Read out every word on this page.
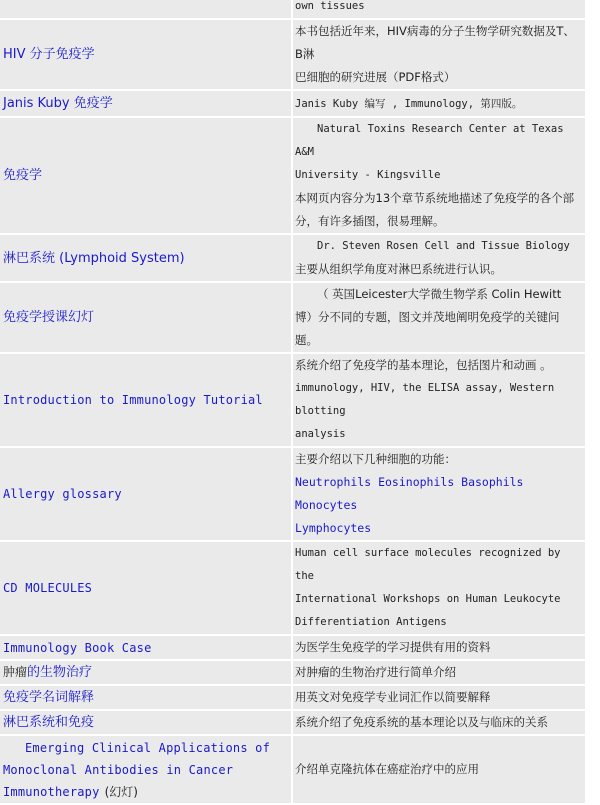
	own tissues	

HIV 分子免疫学	本书包括近年来，HIV病毒的分子生物学研究数据及T、B淋
巴细胞的研究进展（PDF格式）	

Janis Kuby 免疫学	Janis Kuby 编写 , Immunology, 第四版。	
免疫学	Natural Toxins Research Center at Texas A&M
University - Kingsville
本网页内容分为13个章节系统地描述了免疫学的各个部
分，有许多插图，很易理解。	

淋巴系统 (Lymphoid System)	Dr. Steven Rosen Cell and Tissue Biology
主要从组织学角度对淋巴系统进行认识。	

免疫学授课幻灯	（ 英国Leicester大学微生物学系 Colin Hewitt
博）分不同的专题，图文并茂地阐明免疫学的关键问题。	

Introduction to Immunology Tutorial	系统介绍了免疫学的基本理论，包括图片和动画 。
immunology, HIV, the ELISA assay, Western blotting
analysis	

Allergy glossary	主要介绍以下几种细胞的功能：
Neutrophils Eosinophils Basophils Monocytes
Lymphocytes	

CD MOLECULES	Human cell surface molecules recognized by the
International Workshops on Human Leukocyte
Differentiation Antigens	

Immunology Book Case	为医学生免疫学的学习提供有用的资料	
肿瘤的生物治疗	对肿瘤的生物治疗进行简单介绍	
免疫学名词解释	用英文对免疫学专业词汇作以简要解释	
淋巴系统和免疫	系统介绍了免疫系统的基本理论以及与临床的关系	

Emerging Clinical Applications of
Monoclonal Antibodies in Cancer
Immunotherapy (幻灯)	介绍单克隆抗体在癌症治疗中的应用	
